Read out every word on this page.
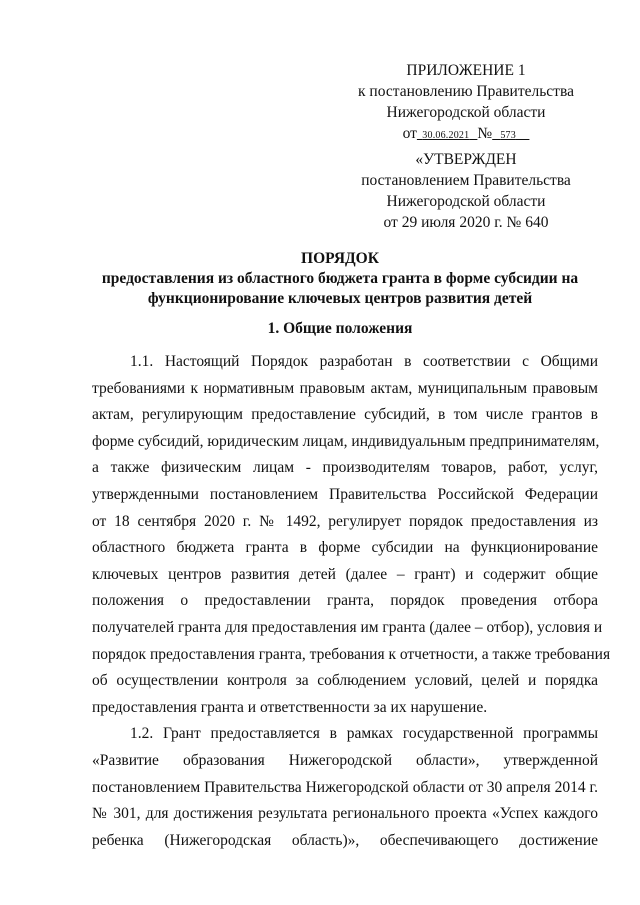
ПРИЛОЖЕНИЕ 1
к постановлению Правительства
Нижегородской области
от 30.06.2021 № 573
«УТВЕРЖДЕН
постановлением Правительства
Нижегородской области
от 29 июля 2020 г. № 640
ПОРЯДОК
предоставления из областного бюджета гранта в форме субсидии на
функционирование ключевых центров развития детей
1. Общие положения
1.1. Настоящий Порядок разработан в соответствии с Общими
требованиями к нормативным правовым актам, муниципальным правовым
актам, регулирующим предоставление субсидий, в том числе грантов в
форме субсидий, юридическим лицам, индивидуальным предпринимателям,
а также физическим лицам - производителям товаров, работ, услуг,
утвержденными постановлением Правительства Российской Федерации
от 18 сентября 2020 г. № 1492, регулирует порядок предоставления из
областного бюджета гранта в форме субсидии на функционирование
ключевых центров развития детей (далее – грант) и содержит общие
положения о предоставлении гранта, порядок проведения отбора
получателей гранта для предоставления им гранта (далее – отбор), условия и
порядок предоставления гранта, требования к отчетности, а также требования
об осуществлении контроля за соблюдением условий, целей и порядка
предоставления гранта и ответственности за их нарушение.
1.2. Грант предоставляется в рамках государственной программы
«Развитие образования Нижегородской области», утвержденной
постановлением Правительства Нижегородской области от 30 апреля 2014 г.
№ 301, для достижения результата регионального проекта «Успех каждого
ребенка (Нижегородская область)», обеспечивающего достижение
